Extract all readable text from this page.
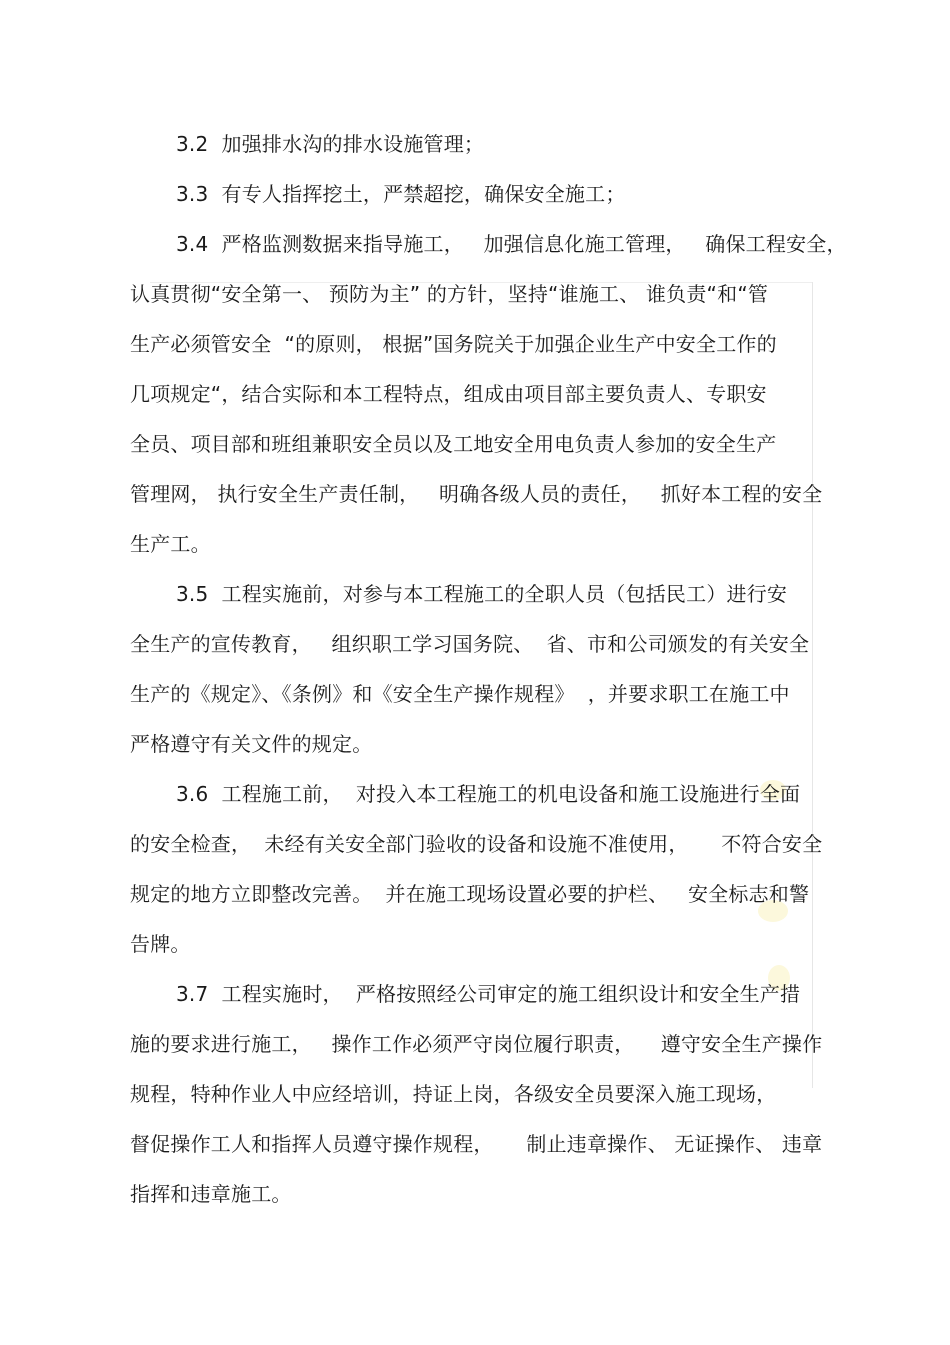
3.2  加强排水沟的排水设施管理；
3.3  有专人指挥挖土，严禁超挖，确保安全施工；
3.4  严格监测数据来指导施工，   加强信息化施工管理，   确保工程安全，
认真贯彻“安全第一、 预防为主” 的方针，坚持“谁施工、 谁负责“和“管
生产必须管安全  “的原则， 根据”国务院关于加强企业生产中安全工作的
几项规定“，结合实际和本工程特点，组成由项目部主要负责人、专职安
全员、项目部和班组兼职安全员以及工地安全用电负责人参加的安全生产
管理网， 执行安全生产责任制，   明确各级人员的责任，   抓好本工程的安全
生产工。
3.5  工程实施前，对参与本工程施工的全职人员（包括民工）进行安
全生产的宣传教育，   组织职工学习国务院、  省、市和公司颁发的有关安全
生产的《规定》、《条例》和《安全生产操作规程》  ，并要求职工在施工中
严格遵守有关文件的规定。
3.6  工程施工前，  对投入本工程施工的机电设备和施工设施进行全面
的安全检查，  未经有关安全部门验收的设备和设施不准使用，     不符合安全
规定的地方立即整改完善。  并在施工现场设置必要的护栏、   安全标志和警
告牌。
3.7  工程实施时，  严格按照经公司审定的施工组织设计和安全生产措
施的要求进行施工，   操作工作必须严守岗位履行职责，    遵守安全生产操作
规程，特种作业人中应经培训，持证上岗，各级安全员要深入施工现场，
督促操作工人和指挥人员遵守操作规程，     制止违章操作、 无证操作、 违章
指挥和违章施工。
